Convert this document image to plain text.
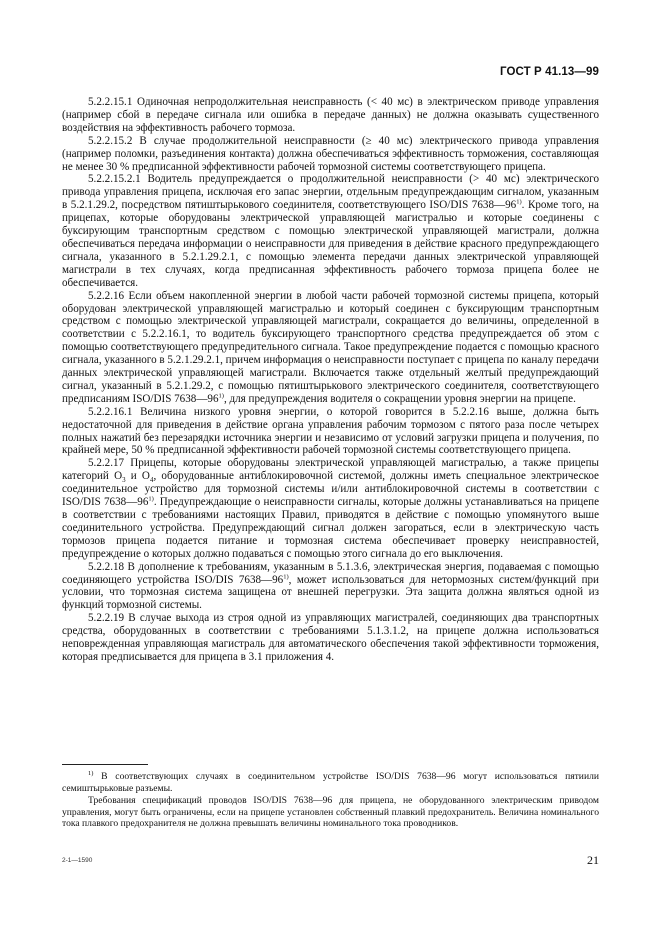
ГОСТ Р 41.13—99

5.2.2.15.1 Одиночная непродолжительная неисправность (< 40 мс) в электрическом приводе управления (например сбой в передаче сигнала или ошибка в передаче данных) не должна оказывать существенного воздействия на эффективность рабочего тормоза.

5.2.2.15.2 В случае продолжительной неисправности (≥ 40 мс) электрического привода управления (например поломки, разъединения контакта) должна обеспечиваться эффективность торможения, составляющая не менее 30 % предписанной эффективности рабочей тормозной системы соответствующего прицепа.

5.2.2.15.2.1 Водитель предупреждается о продолжительной неисправности (> 40 мс) электрического привода управления прицепа, исключая его запас энергии, отдельным предупреждающим сигналом, указанным в 5.2.1.29.2, посредством пятиштырькового соединителя, соответствующего ISO/DIS 7638—96$^{1)}$. Кроме того, на прицепах, которые оборудованы электрической управляющей магистралью и которые соединены с буксирующим транспортным средством с помощью электрической управляющей магистрали, должна обеспечиваться передача информации о неисправности для приведения в действие красного предупреждающего сигнала, указанного в 5.2.1.29.2.1, с помощью элемента передачи данных электрической управляющей магистрали в тех случаях, когда предписанная эффективность рабочего тормоза прицепа более не обеспечивается.

5.2.2.16 Если объем накопленной энергии в любой части рабочей тормозной системы прицепа, который оборудован электрической управляющей магистралью и который соединен с буксирующим транспортным средством с помощью электрической управляющей магистрали, сокращается до величины, определенной в соответствии с 5.2.2.16.1, то водитель буксирующего транспортного средства предупреждается об этом с помощью соответствующего предупредительного сигнала. Такое предупреждение подается с помощью красного сигнала, указанного в 5.2.1.29.2.1, причем информация о неисправности поступает с прицепа по каналу передачи данных электрической управляющей магистрали. Включается также отдельный желтый предупреждающий сигнал, указанный в 5.2.1.29.2, с помощью пятиштырькового электрического соединителя, соответствующего предписаниям ISO/DIS 7638—96$^{1)}$, для предупреждения водителя о сокращении уровня энергии на прицепе.

5.2.2.16.1 Величина низкого уровня энергии, о которой говорится в 5.2.2.16 выше, должна быть недостаточной для приведения в действие органа управления рабочим тормозом с пятого раза после четырех полных нажатий без перезарядки источника энергии и независимо от условий загрузки прицепа и получения, по крайней мере, 50 % предписанной эффективности рабочей тормозной системы соответствующего прицепа.

5.2.2.17 Прицепы, которые оборудованы электрической управляющей магистралью, а также прицепы категорий $O_3$ и $O_4$, оборудованные антиблокировочной системой, должны иметь специальное электрическое соединительное устройство для тормозной системы и/или антиблокировочной системы в соответствии с ISO/DIS 7638—96$^{1)}$. Предупреждающие о неисправности сигналы, которые должны устанавливаться на прицепе в соответствии с требованиями настоящих Правил, приводятся в действие с помощью упомянутого выше соединительного устройства. Предупреждающий сигнал должен загораться, если в электрическую часть тормозов прицепа подается питание и тормозная система обеспечивает проверку неисправностей, предупреждение о которых должно подаваться с помощью этого сигнала до его выключения.

5.2.2.18 В дополнение к требованиям, указанным в 5.1.3.6, электрическая энергия, подаваемая с помощью соединяющего устройства ISO/DIS 7638—96$^{1)}$, может использоваться для нетормозных систем/функций при условии, что тормозная система защищена от внешней перегрузки. Эта защита должна являться одной из функций тормозной системы.

5.2.2.19 В случае выхода из строя одной из управляющих магистралей, соединяющих два транспортных средства, оборудованных в соответствии с требованиями 5.1.3.1.2, на прицепе должна использоваться неповрежденная управляющая магистраль для автоматического обеспечения такой эффективности торможения, которая предписывается для прицепа в 3.1 приложения 4.

$^{1)}$ В соответствующих случаях в соединительном устройстве ISO/DIS 7638—96 могут использоваться пятиили семиштырьковые разъемы.

Требования спецификаций проводов ISO/DIS 7638—96 для прицепа, не оборудованного электрическим приводом управления, могут быть ограничены, если на прицепе установлен собственный плавкий предохранитель. Величина номинального тока плавкого предохранителя не должна превышать величины номинального тока проводников.

2-1—1590	21
